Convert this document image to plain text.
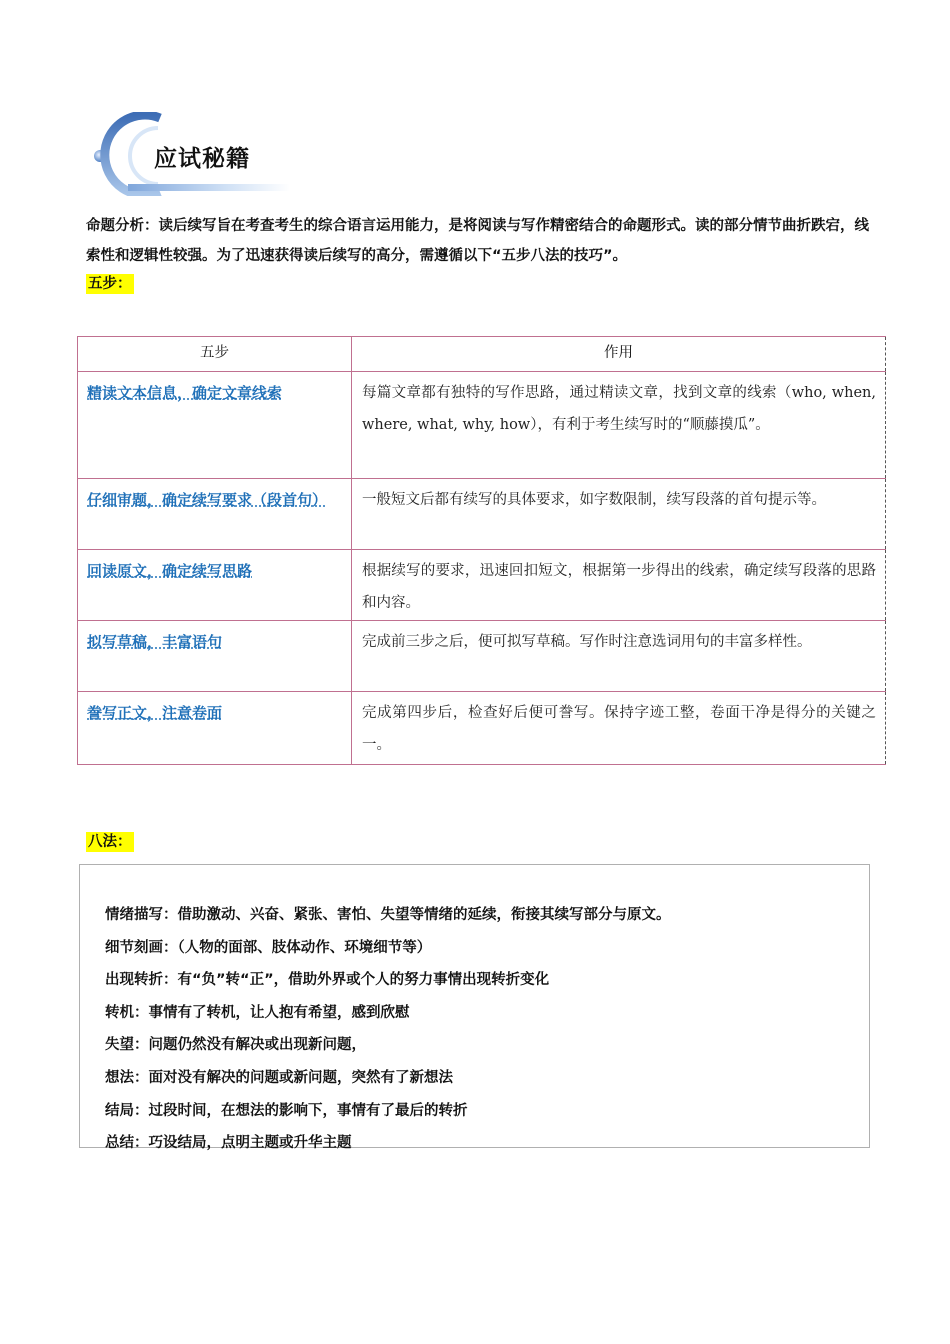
应试秘籍
命题分析：读后续写旨在考查考生的综合语言运用能力，是将阅读与写作精密结合的命题形式。读的部分情节曲折跌宕，线索性和逻辑性较强。为了迅速获得读后续写的高分，需遵循以下“五步八法的技巧”。
五步：
五步	作用

精读文本信息，确定文章线索	每篇文章都有独特的写作思路，通过精读文章，找到文章的线索（who, when, where, what, why, how），有利于考生续写时的“顺藤摸瓜”。

仔细审题，确定续写要求（段首句）	一般短文后都有续写的具体要求，如字数限制，续写段落的首句提示等。

回读原文，确定续写思路	根据续写的要求，迅速回扣短文，根据第一步得出的线索，确定续写段落的思路和内容。

拟写草稿，丰富语句	完成前三步之后，便可拟写草稿。写作时注意选词用句的丰富多样性。

誊写正文，注意卷面	完成第四步后，检查好后便可誊写。保持字迹工整，卷面干净是得分的关键之一。
八法：
情绪描写：借助激动、兴奋、紧张、害怕、失望等情绪的延续，衔接其续写部分与原文。
细节刻画：（人物的面部、肢体动作、环境细节等）
出现转折：有“负”转“正”，借助外界或个人的努力事情出现转折变化
转机：事情有了转机，让人抱有希望，感到欣慰
失望：问题仍然没有解决或出现新问题，
想法：面对没有解决的问题或新问题，突然有了新想法
结局：过段时间，在想法的影响下，事情有了最后的转折
总结：巧设结局，点明主题或升华主题
